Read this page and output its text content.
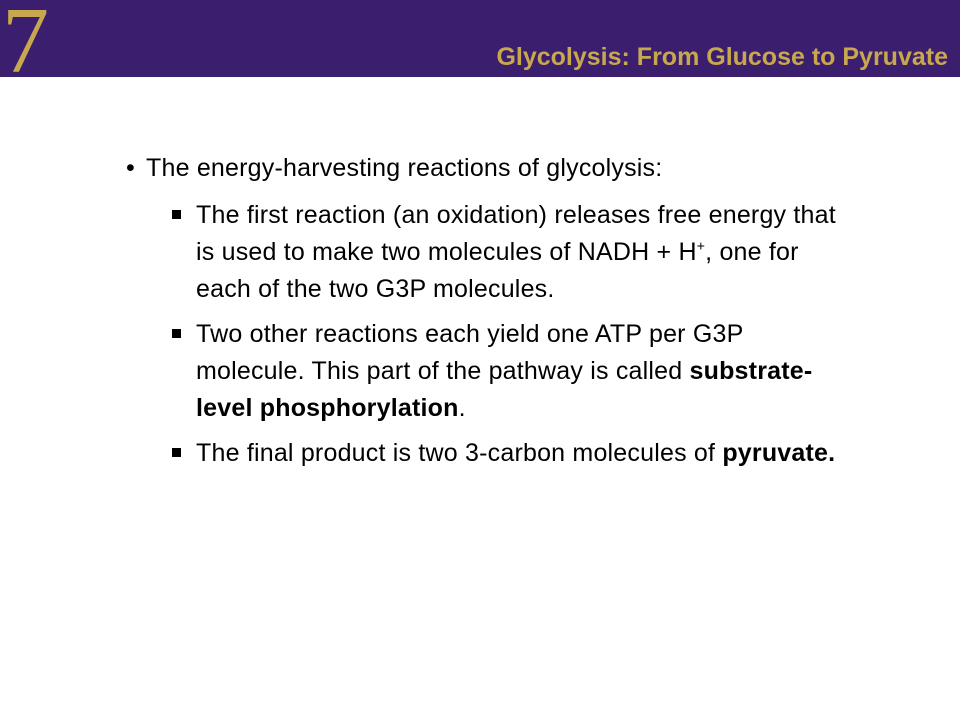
7	Glycolysis: From Glucose to Pyruvate
• The energy-harvesting reactions of glycolysis:
The first reaction (an oxidation) releases free energy that is used to make two molecules of NADH + H+, one for each of the two G3P molecules.
Two other reactions each yield one ATP per G3P molecule. This part of the pathway is called substrate-level phosphorylation.
The final product is two 3-carbon molecules of pyruvate.
